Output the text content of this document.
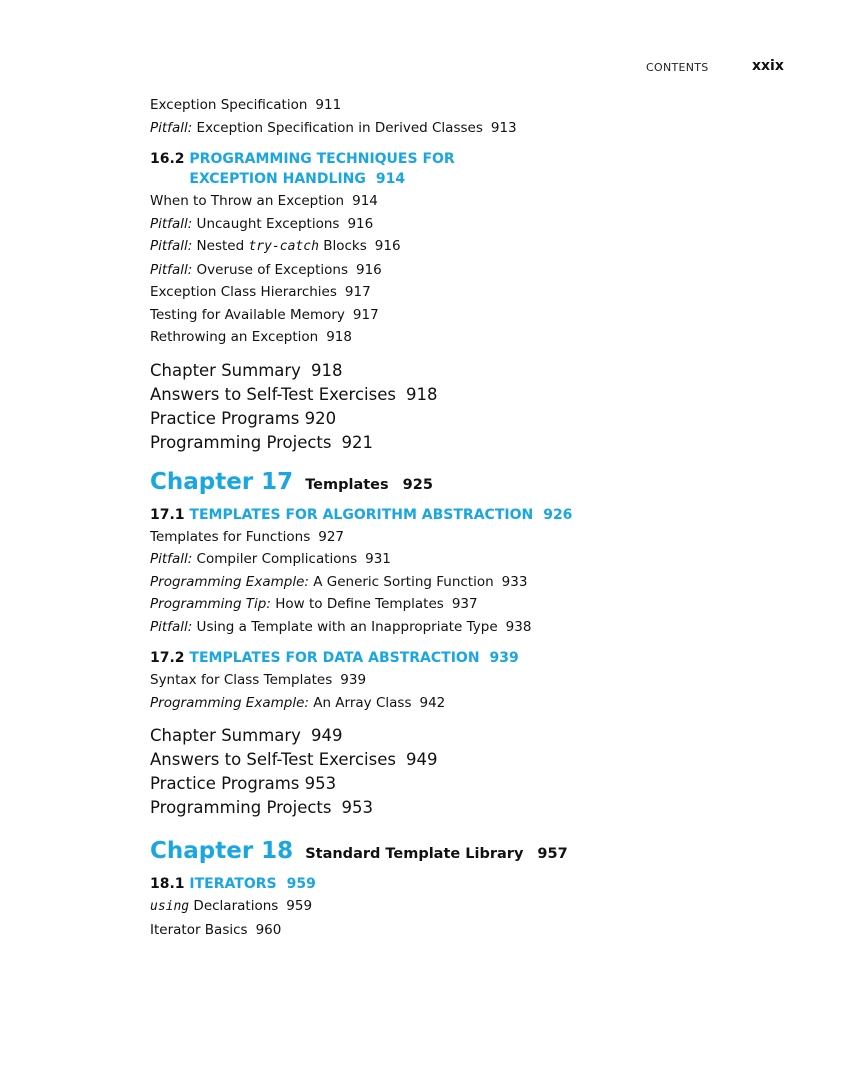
CONTENTS	xxix
Exception Specification 911
Pitfall: Exception Specification in Derived Classes 913
16.2 PROGRAMMING TECHNIQUES FOR
EXCEPTION HANDLING 914
When to Throw an Exception 914
Pitfall: Uncaught Exceptions 916
Pitfall: Nested try-catch Blocks 916
Pitfall: Overuse of Exceptions 916
Exception Class Hierarchies 917
Testing for Available Memory 917
Rethrowing an Exception 918
Chapter Summary 918
Answers to Self-Test Exercises 918
Practice Programs 920
Programming Projects 921
Chapter 17 Templates 925
17.1 TEMPLATES FOR ALGORITHM ABSTRACTION 926
Templates for Functions 927
Pitfall: Compiler Complications 931
Programming Example: A Generic Sorting Function 933
Programming Tip: How to Define Templates 937
Pitfall: Using a Template with an Inappropriate Type 938
17.2 TEMPLATES FOR DATA ABSTRACTION 939
Syntax for Class Templates 939
Programming Example: An Array Class 942
Chapter Summary 949
Answers to Self-Test Exercises 949
Practice Programs 953
Programming Projects 953
Chapter 18 Standard Template Library 957
18.1 ITERATORS 959
using Declarations 959
Iterator Basics 960
